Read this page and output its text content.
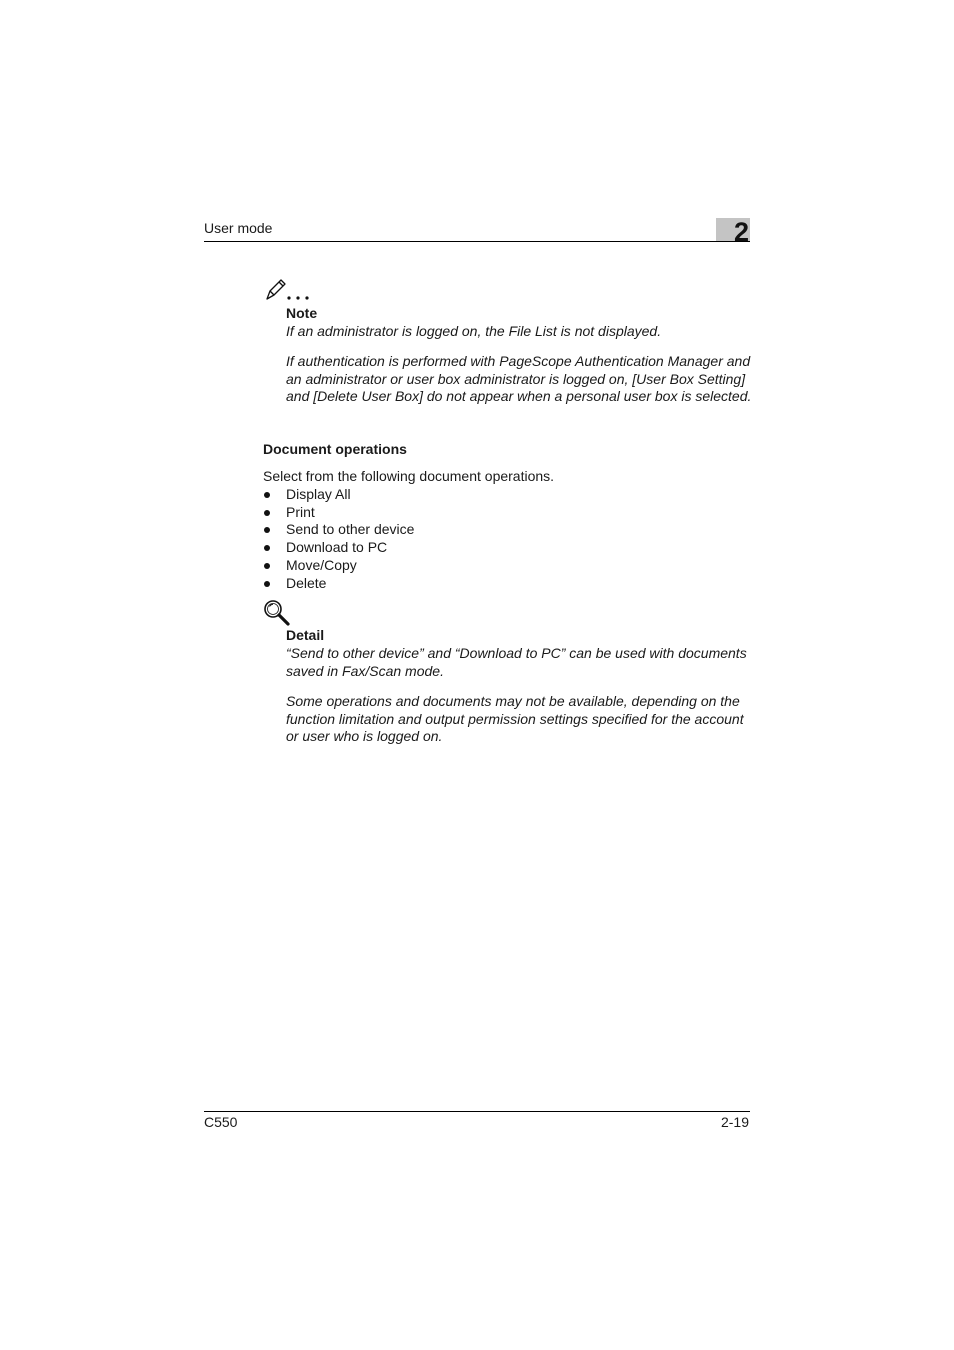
User mode	2
Note
If an administrator is logged on, the File List is not displayed.
If authentication is performed with PageScope Authentication Manager and an administrator or user box administrator is logged on, [User Box Setting] and [Delete User Box] do not appear when a personal user box is selected.
Document operations
Select from the following document operations.
Display All
Print
Send to other device
Download to PC
Move/Copy
Delete
Detail
“Send to other device” and “Download to PC” can be used with documents saved in Fax/Scan mode.
Some operations and documents may not be available, depending on the function limitation and output permission settings specified for the account or user who is logged on.
C550	2-19
